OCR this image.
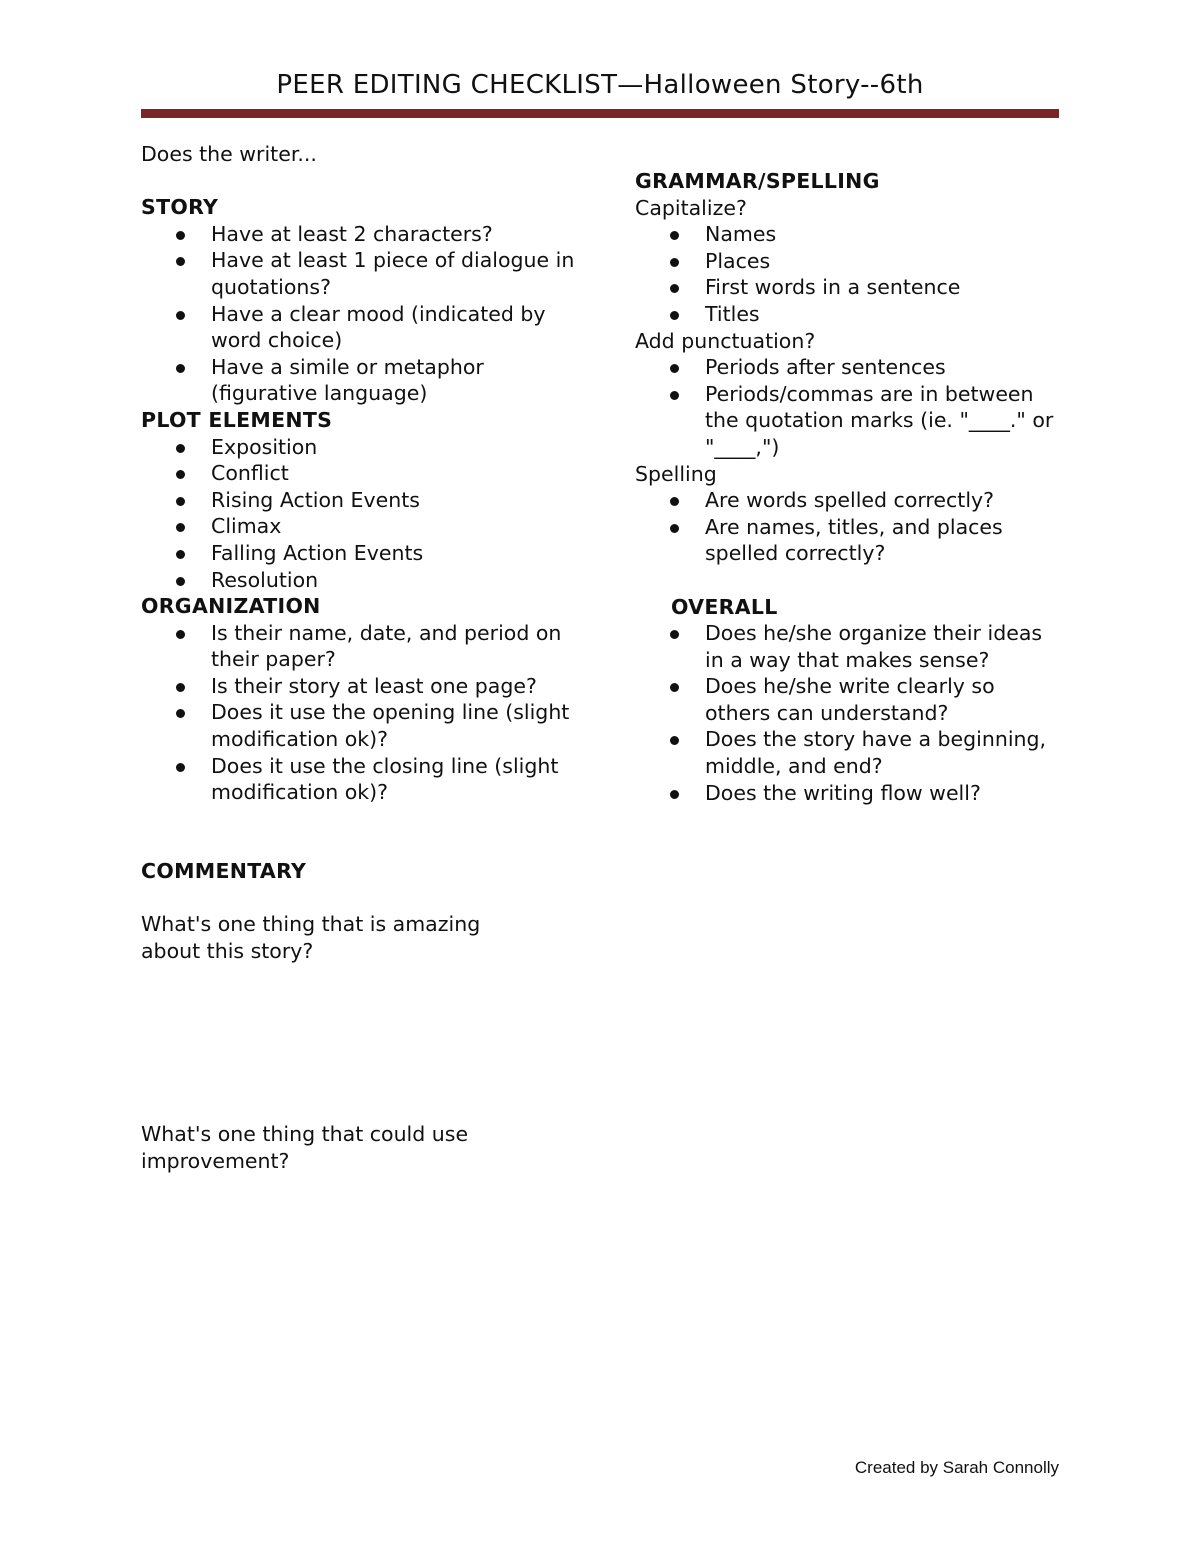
PEER EDITING CHECKLIST—Halloween Story--6th
Does the writer...
STORY
Have at least 2 characters?
Have at least 1 piece of dialogue in quotations?
Have a clear mood (indicated by word choice)
Have a simile or metaphor (figurative language)
PLOT ELEMENTS
Exposition
Conflict
Rising Action Events
Climax
Falling Action Events
Resolution
ORGANIZATION
Is their name, date, and period on their paper?
Is their story at least one page?
Does it use the opening line (slight modification ok)?
Does it use the closing line (slight modification ok)?
GRAMMAR/SPELLING
Capitalize?
Names
Places
First words in a sentence
Titles
Add punctuation?
Periods after sentences
Periods/commas are in between the quotation marks (ie. "____." or "____,")
Spelling
Are words spelled correctly?
Are names, titles, and places spelled correctly?
OVERALL
Does he/she organize their ideas in a way that makes sense?
Does he/she write clearly so others can understand?
Does the story have a beginning, middle, and end?
Does the writing flow well?
COMMENTARY
What's one thing that is amazing about this story?
What's one thing that could use improvement?
Created by Sarah Connolly
